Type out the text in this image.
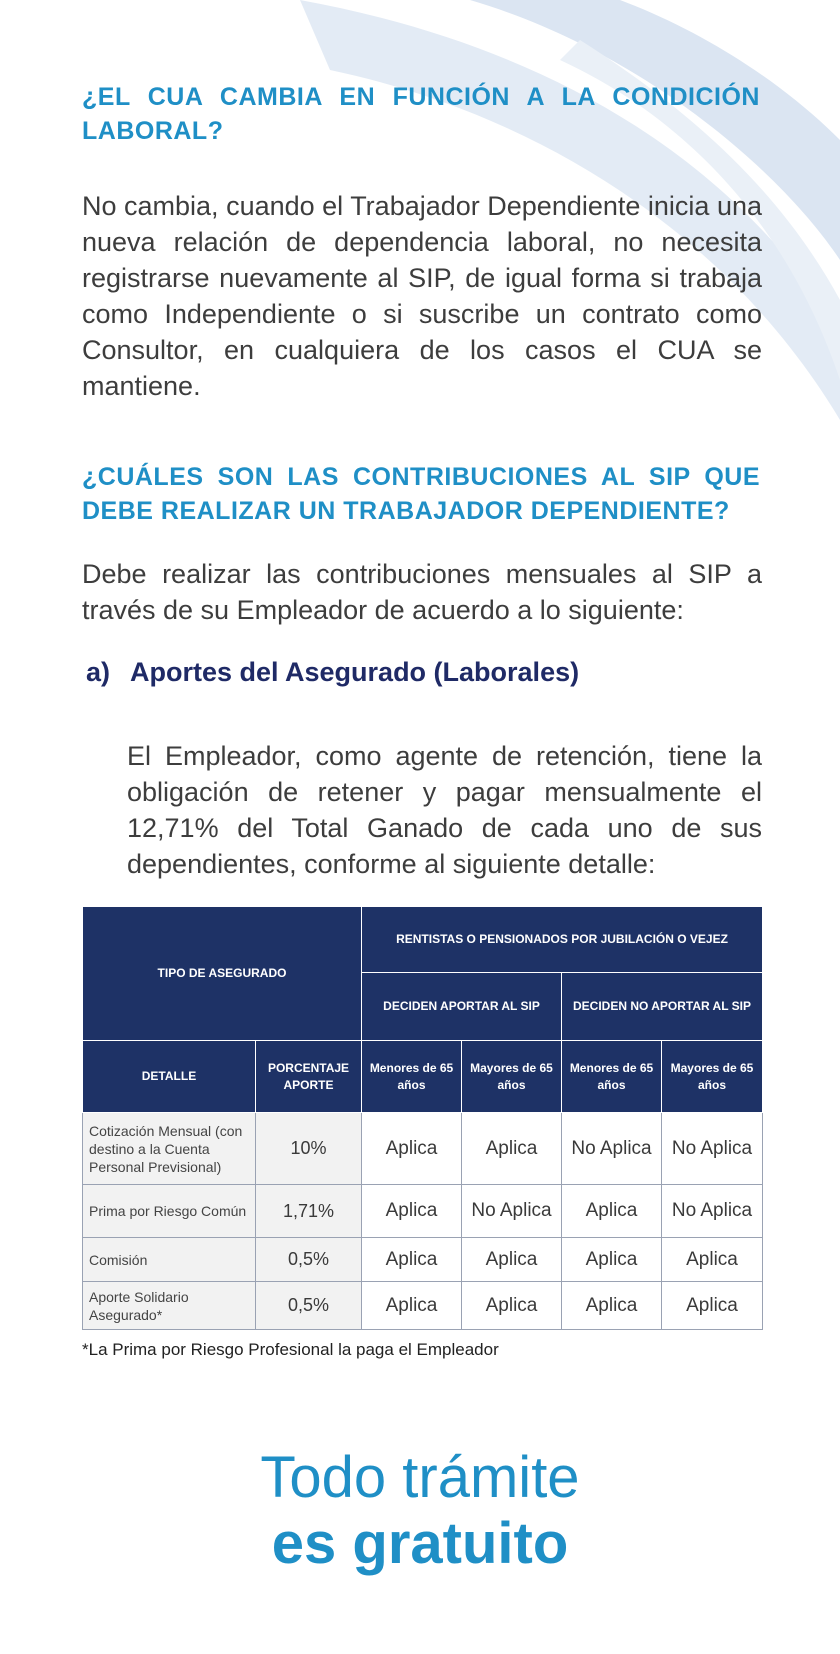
¿EL CUA CAMBIA EN FUNCIÓN A LA CONDICIÓN LABORAL?

No cambia, cuando el Trabajador Dependiente inicia una nueva relación de dependencia laboral, no necesita registrarse nuevamente al SIP, de igual forma si trabaja como Independiente o si suscribe un contrato como Consultor, en cualquiera de los casos el CUA se mantiene.

¿CUÁLES SON LAS CONTRIBUCIONES AL SIP QUE DEBE REALIZAR UN TRABAJADOR DEPENDIENTE?

Debe realizar las contribuciones mensuales al SIP a través de su Empleador de acuerdo a lo siguiente:

a) Aportes del Asegurado (Laborales)

El Empleador, como agente de retención, tiene la obligación de retener y pagar mensualmente el 12,71% del Total Ganado de cada uno de sus dependientes, conforme al siguiente detalle:

TIPO DE ASEGURADO		RENTISTAS O PENSIONADOS POR JUBILACIÓN O VEJEZ			
		DECIDEN APORTAR AL SIP		DECIDEN NO APORTAR AL SIP	
DETALLE	PORCENTAJE APORTE	Menores de 65 años	Mayores de 65 años	Menores de 65 años	Mayores de 65 años
Cotización Mensual (con destino a la Cuenta Personal Previsional)	10%	Aplica	Aplica	No Aplica	No Aplica
Prima por Riesgo Común	1,71%	Aplica	No Aplica	Aplica	No Aplica
Comisión	0,5%	Aplica	Aplica	Aplica	Aplica
Aporte Solidario Asegurado*	0,5%	Aplica	Aplica	Aplica	Aplica

*La Prima por Riesgo Profesional la paga el Empleador

Todo trámite
es gratuito
